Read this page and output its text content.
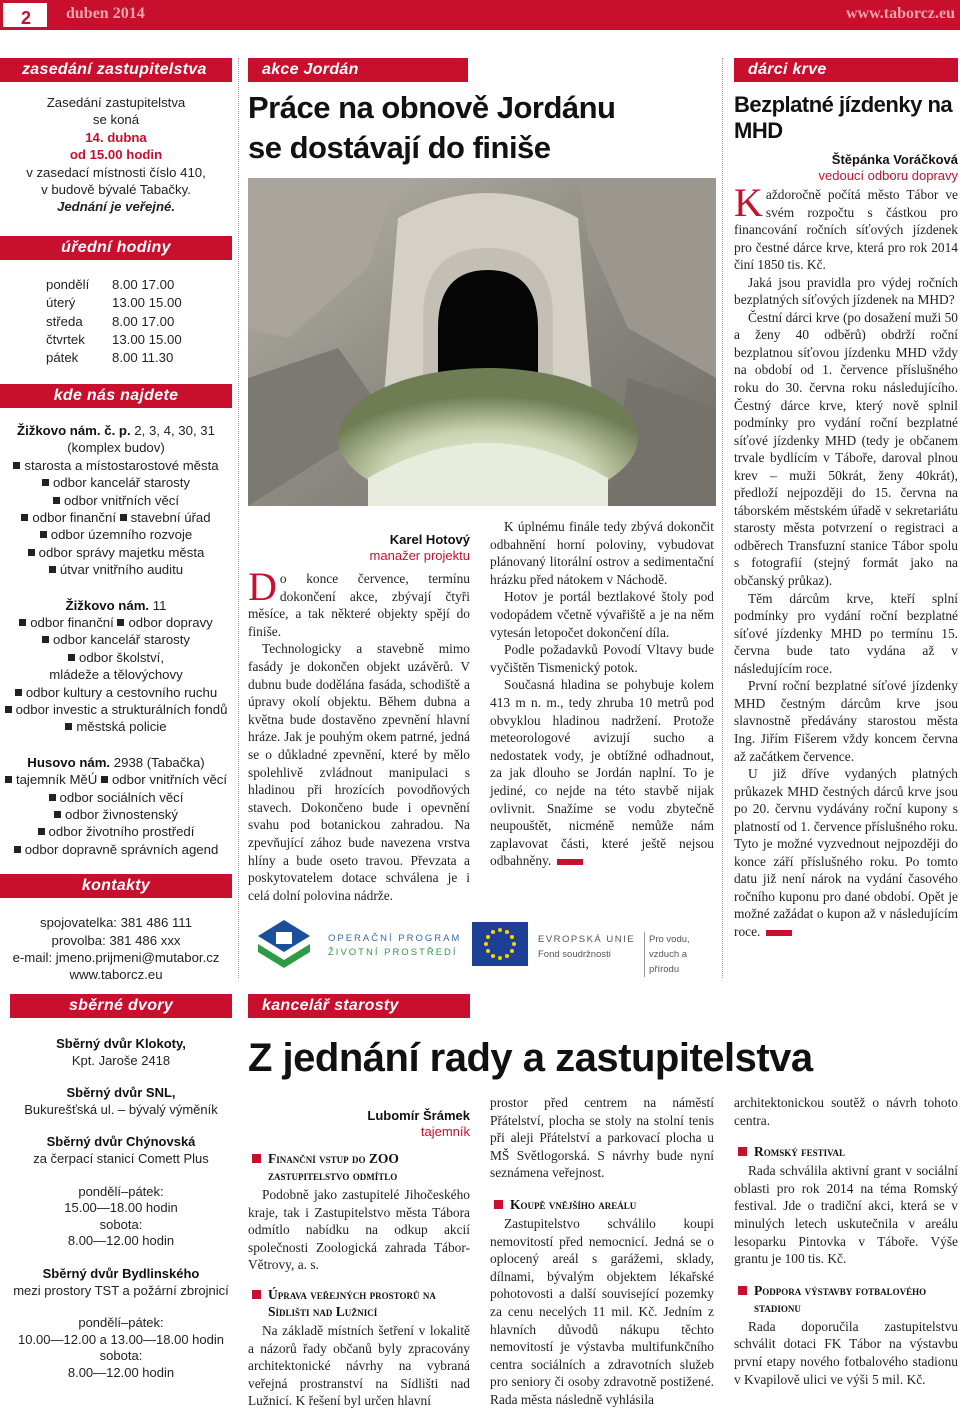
2	duben 2014	www.taborcz.eu
zasedání zastupitelstva
Zasedání zastupitelstva
se koná
14. dubna
od 15.00 hodin
v zasedací místnosti číslo 410,
v budově bývalé Tabačky.
Jednání je veřejné.
úřední hodiny
pondělí 8.00 17.00
úterý	13.00 15.00
středa 8.00 17.00
čtvrtek 13.00 15.00
pátek	8.00 11.30
kde nás najdete
Žižkovo nám. č. p. 2, 3, 4, 30, 31
(komplex budov)
starosta a místostarostové města
odbor kancelář starosty
odbor vnitřních věcí
odbor finanční stavební úřad
odbor územního rozvoje
odbor správy majetku města
útvar vnitřního auditu
Žižkovo nám. 11
odbor finanční odbor dopravy
odbor kancelář starosty
odbor školství,
mládeže a tělovýchovy
odbor kultury a cestovního ruchu
odbor investic a strukturálních fondů
městská policie
Husovo nám. 2938 (Tabačka)
tajemník MěÚ odbor vnitřních věcí
odbor sociálních věcí
odbor živnostenský
odbor životního prostředí
odbor dopravně správních agend
kontakty
spojovatelka: 381 486 111
provolba: 381 486 xxx
e-mail: jmeno.prijmeni@mutabor.cz
www.taborcz.eu
sběrné dvory
Sběrný dvůr Klokoty,
Kpt. Jaroše 2418
Sběrný dvůr SNL,
Bukurešťská ul. – bývalý výměník
Sběrný dvůr Chýnovská
za čerpací stanicí Comett Plus
pondělí–pátek:
15.00—18.00 hodin
sobota:
8.00—12.00 hodin
Sběrný dvůr Bydlinského
mezi prostory TST a požární zbrojnicí
pondělí–pátek:
10.00—12.00 a 13.00—18.00 hodin
sobota:
8.00—12.00 hodin
akce Jordán
Práce na obnově Jordánu se dostávají do finiše
Karel Hotový
manažer projektu

Do konce července, termínu dokončení akce, zbývají čtyři měsíce, a tak některé objekty spějí do finiše.

Technologicky a stavebně mimo fasády je dokončen objekt uzávěrů. V dubnu bude dodělána fasáda, schodiště a úpravy okolí objektu. Během dubna a května bude dostavěno zpevnění hlavní hráze. Jak je pouhým okem patrné, jedná se o důkladné zpevnění, které by mělo spolehlivě zvládnout manipulaci s hladinou při hrozících povodňových stavech. Dokončeno bude i opevnění svahu pod botanickou zahradou. Na zpevňující zához bude navezena vrstva hlíny a bude oseto travou. Převzata a poskytovatelem dotace schválena je i celá dolní polovina nádrže.

K úplnému finále tedy zbývá dokončit odbahnění horní poloviny, vybudovat plánovaný litorální ostrov a sedimentační hrázku před nátokem v Náchodě.

Hotov je portál beztlakové štoly pod vodopádem včetně vývařiště a je na něm vytesán letopočet dokončení díla.

Podle požadavků Povodí Vltavy bude vyčištěn Tismenický potok.

Současná hladina se pohybuje kolem 413 m n. m., tedy zhruba 10 metrů pod obvyklou hladinou nadržení. Protože meteorologové avizují sucho a nedostatek vody, je obtížné odhadnout, za jak dlouho se Jordán naplní. To je jediné, co nejde na této stavbě nijak ovlivnit. Snažíme se vodu zbytečně neupouštět, nicméně nemůže nám zaplavovat části, které ještě nejsou odbahněny.

OPERAČNÍ PROGRAM
ŽIVOTNÍ PROSTŘEDÍ
EVROPSKÁ UNIE
Fond soudržnosti
Pro vodu,
vzduch a přírodu
dárci krve
Bezplatné jízdenky na MHD
Štěpánka Voráčková
vedoucí odboru dopravy

Každoročně počítá město Tábor ve svém rozpočtu s částkou pro financování ročních síťových jízdenek pro čestné dárce krve, která pro rok 2014 činí 1850 tis. Kč.

Jaká jsou pravidla pro výdej ročních bezplatných síťových jízdenek na MHD?

Čestní dárci krve (po dosažení muži 50 a ženy 40 odběrů) obdrží roční bezplatnou síťovou jízdenku MHD vždy na období od 1. července příslušného roku do 30. června roku následujícího. Čestný dárce krve, který nově splnil podmínky pro vydání roční bezplatné síťové jízdenky MHD (tedy je občanem trvale bydlícím v Táboře, daroval plnou krev – muži 50krát, ženy 40krát), předloží nejpozději do 15. června na táborském městském úřadě v sekretariátu starosty města potvrzení o registraci a odběrech Transfuzní stanice Tábor spolu s fotografií (stejný formát jako na občanský průkaz).

Těm dárcům krve, kteří splní podmínky pro vydání roční bezplatné síťové jízdenky MHD po termínu 15. června bude tato vydána až v následujícím roce.

První roční bezplatné síťové jízdenky MHD čestným dárcům krve jsou slavnostně předávány starostou města Ing. Jiřím Fišerem vždy koncem června až začátkem července.

U již dříve vydaných platných průkazek MHD čestných dárců krve jsou po 20. červnu vydávány roční kupony s platností od 1. července příslušného roku. Tyto je možné vyzvednout nejpozději do konce září příslušného roku. Po tomto datu již není nárok na vydání časového ročního kuponu pro dané období. Opět je možné zažádat o kupon až v následujícím roce.

kancelář starosty
Z jednání rady a zastupitelstva
Lubomír Šrámek
tajemník
Finanční vstup do ZOO zastupitelstvo odmítlo

Podobně jako zastupitelé Jihočeského kraje, tak i Zastupitelstvo města Tábora odmítlo nabídku na odkup akcií společnosti Zoologická zahrada Tábor-Větrovy, a. s.

Úprava veřejných prostorů na Sídlišti nad Lužnicí

Na základě místních šetření v lokalitě a názorů řady občanů byly zpracovány architektonické návrhy na vybraná veřejná prostranství na Sídlišti nad Lužnicí. K řešení byl určen hlavní

prostor před centrem na náměstí Přátelství, plocha se stoly na stolní tenis při aleji Přátelství a parkovací plocha u MŠ Světlogorská. S návrhy bude nyní seznámena veřejnost.

Koupě vnějšího areálu

Zastupitelstvo schválilo koupi nemovitostí před nemocnicí. Jedná se o oplocený areál s garážemi, sklady, dílnami, bývalým objektem lékařské pohotovosti a další související pozemky za cenu necelých 11 mil. Kč. Jedním z hlavních důvodů nákupu těchto nemovitostí je výstavba multifunkčního centra sociálních a zdravotních služeb pro seniory či osoby zdravotně postižené. Rada města následně vyhlásila

architektonickou soutěž o návrh tohoto centra.

Romský festival

Rada schválila aktivní grant v sociální oblasti pro rok 2014 na téma Romský festival. Jde o tradiční akci, která se v minulých letech uskutečnila v areálu lesoparku Pintovka v Táboře. Výše grantu je 100 tis. Kč.

Podpora výstavby fotbalového stadionu

Rada doporučila zastupitelstvu schválit dotaci FK Tábor na výstavbu první etapy nového fotbalového stadionu v Kvapilově ulici ve výši 5 mil. Kč.
